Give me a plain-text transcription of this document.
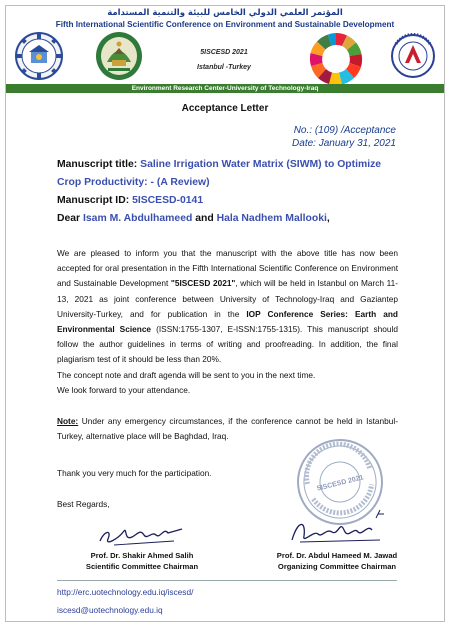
المؤتمر العلمي الدولي الخامس للبيئة والتنمية المستدامة
Fifth International Scientific Conference on Environment and Sustainable Development
5ISCESD 2021
Istanbul -Turkey
Environment Research Center-University of Technology-Iraq
Acceptance Letter
No.: (109) /Acceptance
Date: January 31, 2021
Manuscript title: Saline Irrigation Water Matrix (SIWM) to Optimize Crop Productivity: - (A Review)
Manuscript ID: 5ISCESD-0141
Dear Isam M. Abdulhameed and Hala Nadhem Mallooki,

We are pleased to inform you that the manuscript with the above title has now been accepted for oral presentation in the Fifth International Scientific Conference on Environment and Sustainable Development "5ISCESD 2021", which will be held in Istanbul on March 11-13, 2021 as joint conference between University of Technology-Iraq and Gaziantep University-Turkey, and for publication in the IOP Conference Series: Earth and Environmental Science (ISSN:1755-1307, E-ISSN:1755-1315). This manuscript should follow the author guidelines in terms of writing and proofreading. In addition, the final plagiarism test of it should be less than 20%.

The concept note and draft agenda will be sent to you in the next time.

We look forward to your attendance.

Note: Under any emergency circumstances, if the conference cannot be held in Istanbul-Turkey, alternative place will be Baghdad, Iraq.
Thank you very much for the participation.
Best Regards,
5ISCESD 2021
Prof. Dr. Shakir Ahmed Salih
Scientific Committee Chairman
Prof. Dr. Abdul Hameed M. Jawad
Organizing Committee Chairman
http://erc.uotechnology.edu.iq/iscesd/
iscesd@uotechnology.edu.iq
